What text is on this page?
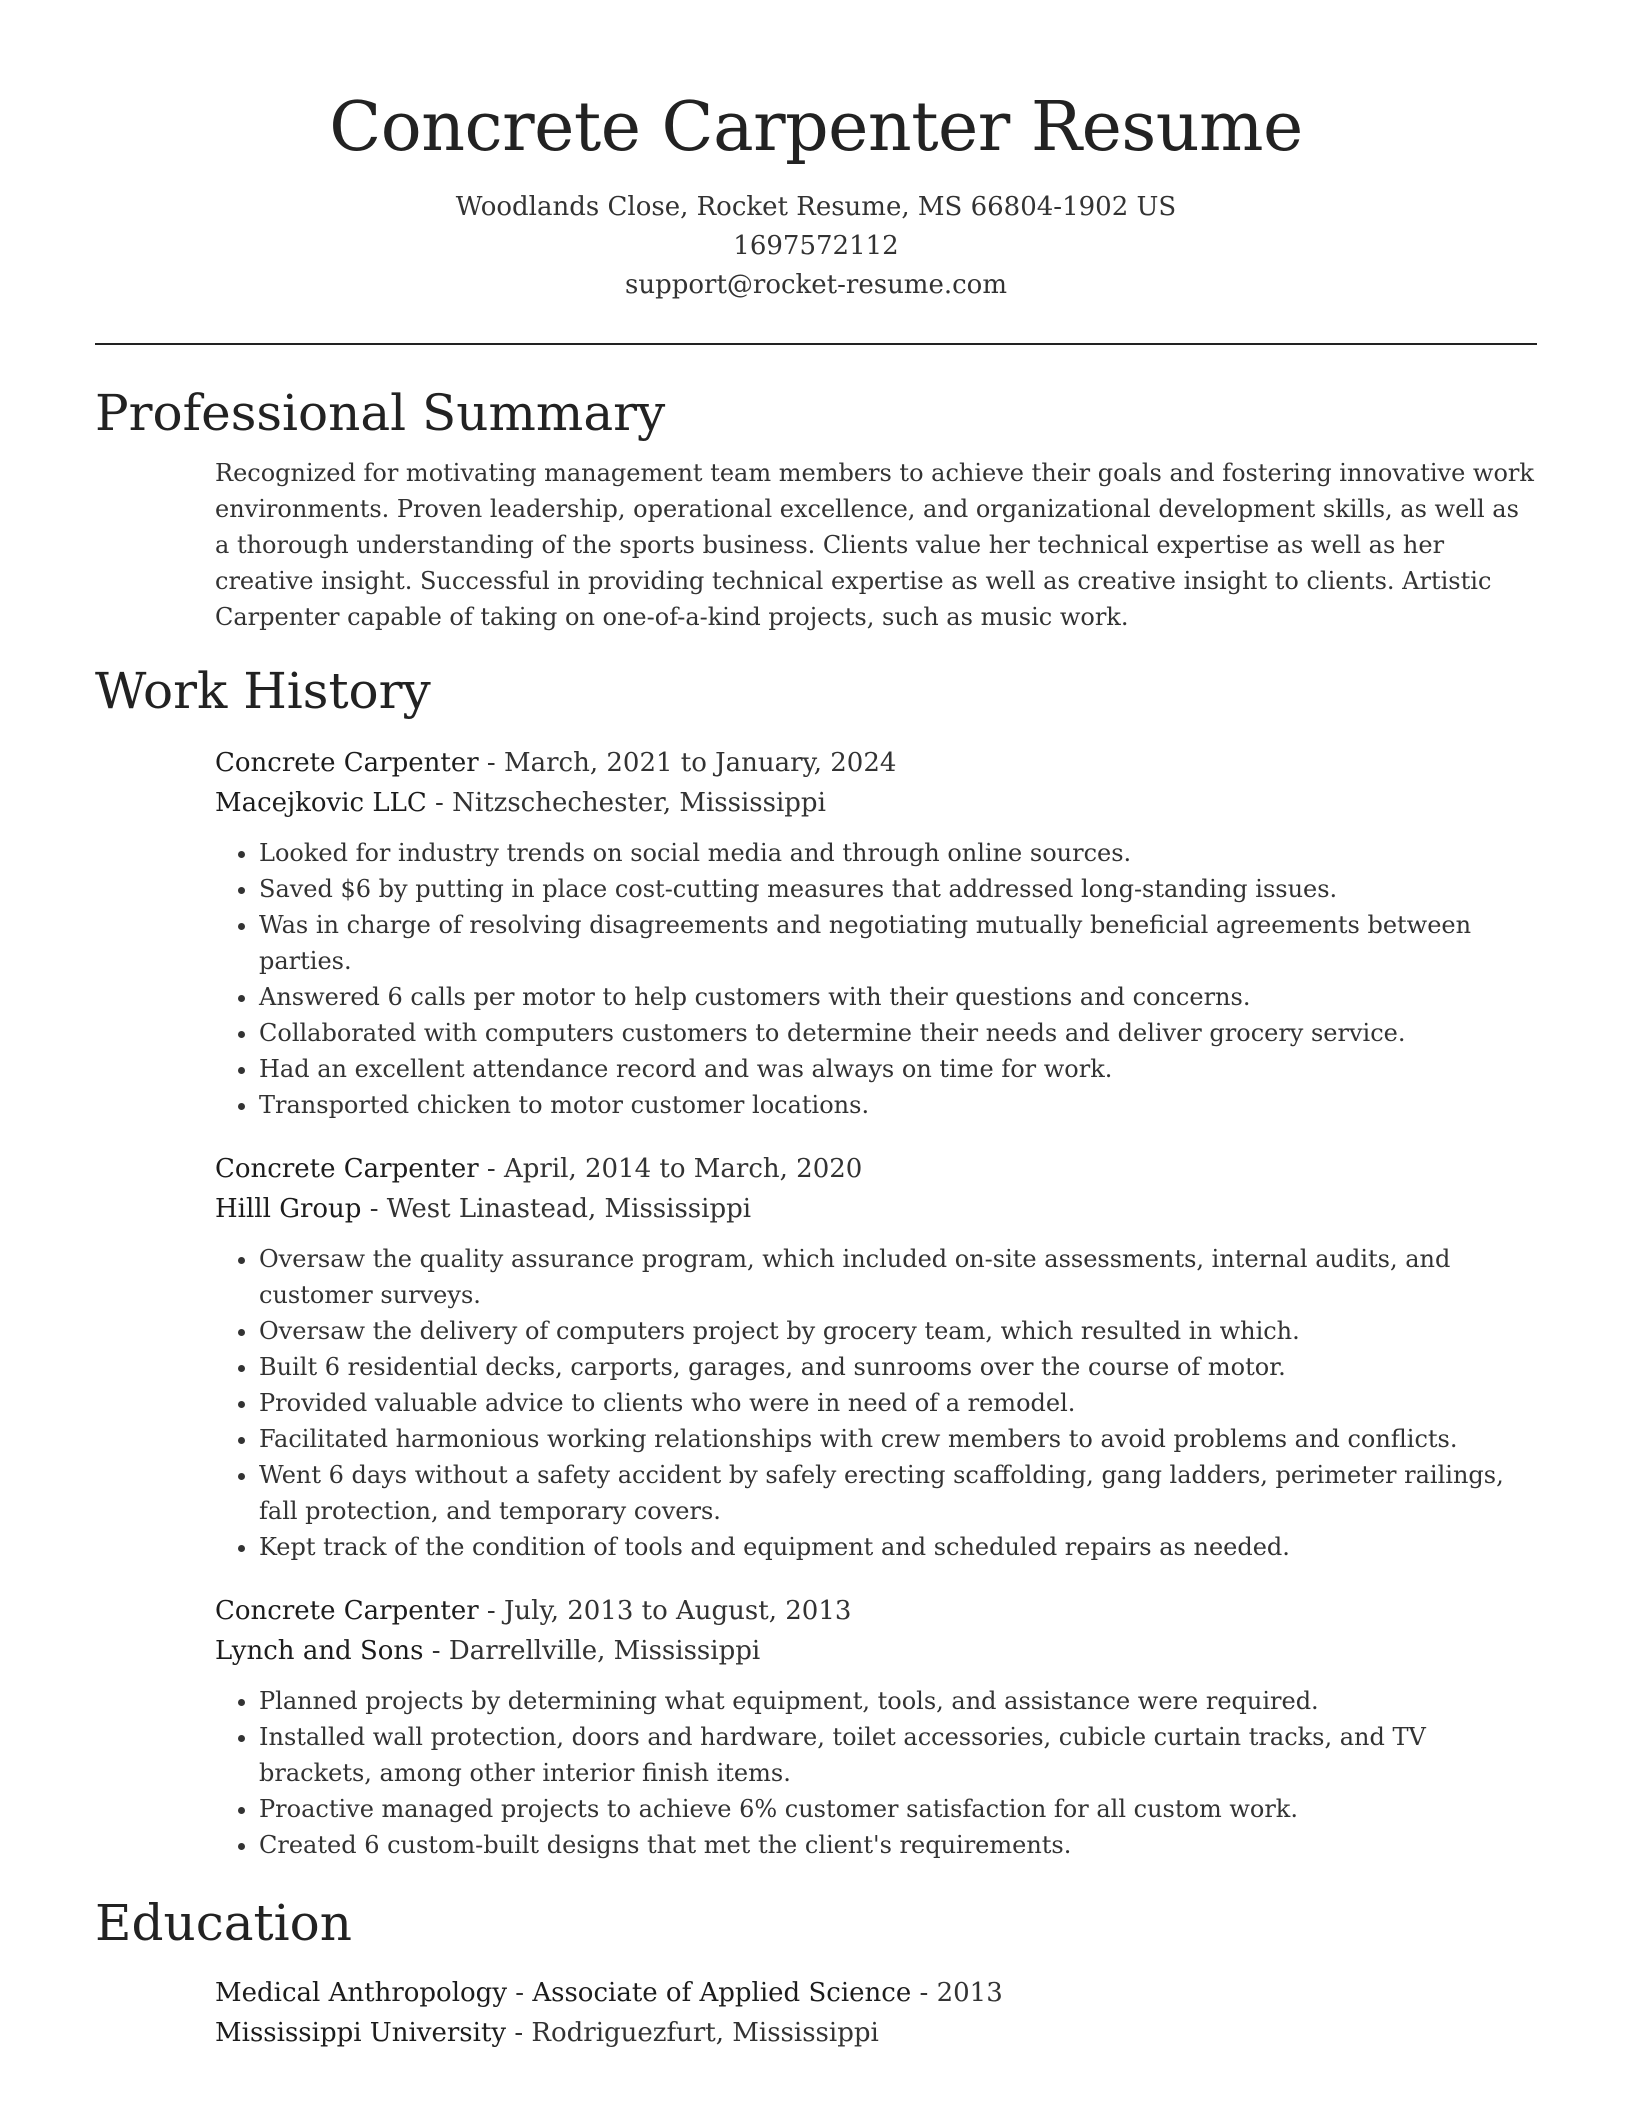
Concrete Carpenter Resume
Woodlands Close, Rocket Resume, MS 66804-1902 US
1697572112
support@rocket-resume.com
Professional Summary

Recognized for motivating management team members to achieve their goals and fostering innovative work environments. Proven leadership, operational excellence, and organizational development skills, as well as a thorough understanding of the sports business. Clients value her technical expertise as well as her creative insight. Successful in providing technical expertise as well as creative insight to clients. Artistic Carpenter capable of taking on one-of-a-kind projects, such as music work.

Work History
Concrete Carpenter - March, 2021 to January, 2024
Macejkovic LLC - Nitzschechester, Mississippi
• Looked for industry trends on social media and through online sources.
• Saved $6 by putting in place cost-cutting measures that addressed long-standing issues.
• Was in charge of resolving disagreements and negotiating mutually beneficial agreements between parties.
• Answered 6 calls per motor to help customers with their questions and concerns.
• Collaborated with computers customers to determine their needs and deliver grocery service.
• Had an excellent attendance record and was always on time for work.
• Transported chicken to motor customer locations.
Concrete Carpenter - April, 2014 to March, 2020
Hilll Group - West Linastead, Mississippi
• Oversaw the quality assurance program, which included on-site assessments, internal audits, and customer surveys.
• Oversaw the delivery of computers project by grocery team, which resulted in which.
• Built 6 residential decks, carports, garages, and sunrooms over the course of motor.
• Provided valuable advice to clients who were in need of a remodel.
• Facilitated harmonious working relationships with crew members to avoid problems and conflicts.
• Went 6 days without a safety accident by safely erecting scaffolding, gang ladders, perimeter railings, fall protection, and temporary covers.
• Kept track of the condition of tools and equipment and scheduled repairs as needed.
Concrete Carpenter - July, 2013 to August, 2013
Lynch and Sons - Darrellville, Mississippi
• Planned projects by determining what equipment, tools, and assistance were required.
• Installed wall protection, doors and hardware, toilet accessories, cubicle curtain tracks, and TV brackets, among other interior finish items.
• Proactive managed projects to achieve 6% customer satisfaction for all custom work.
• Created 6 custom-built designs that met the client's requirements.
Education
Medical Anthropology - Associate of Applied Science - 2013
Mississippi University - Rodriguezfurt, Mississippi
